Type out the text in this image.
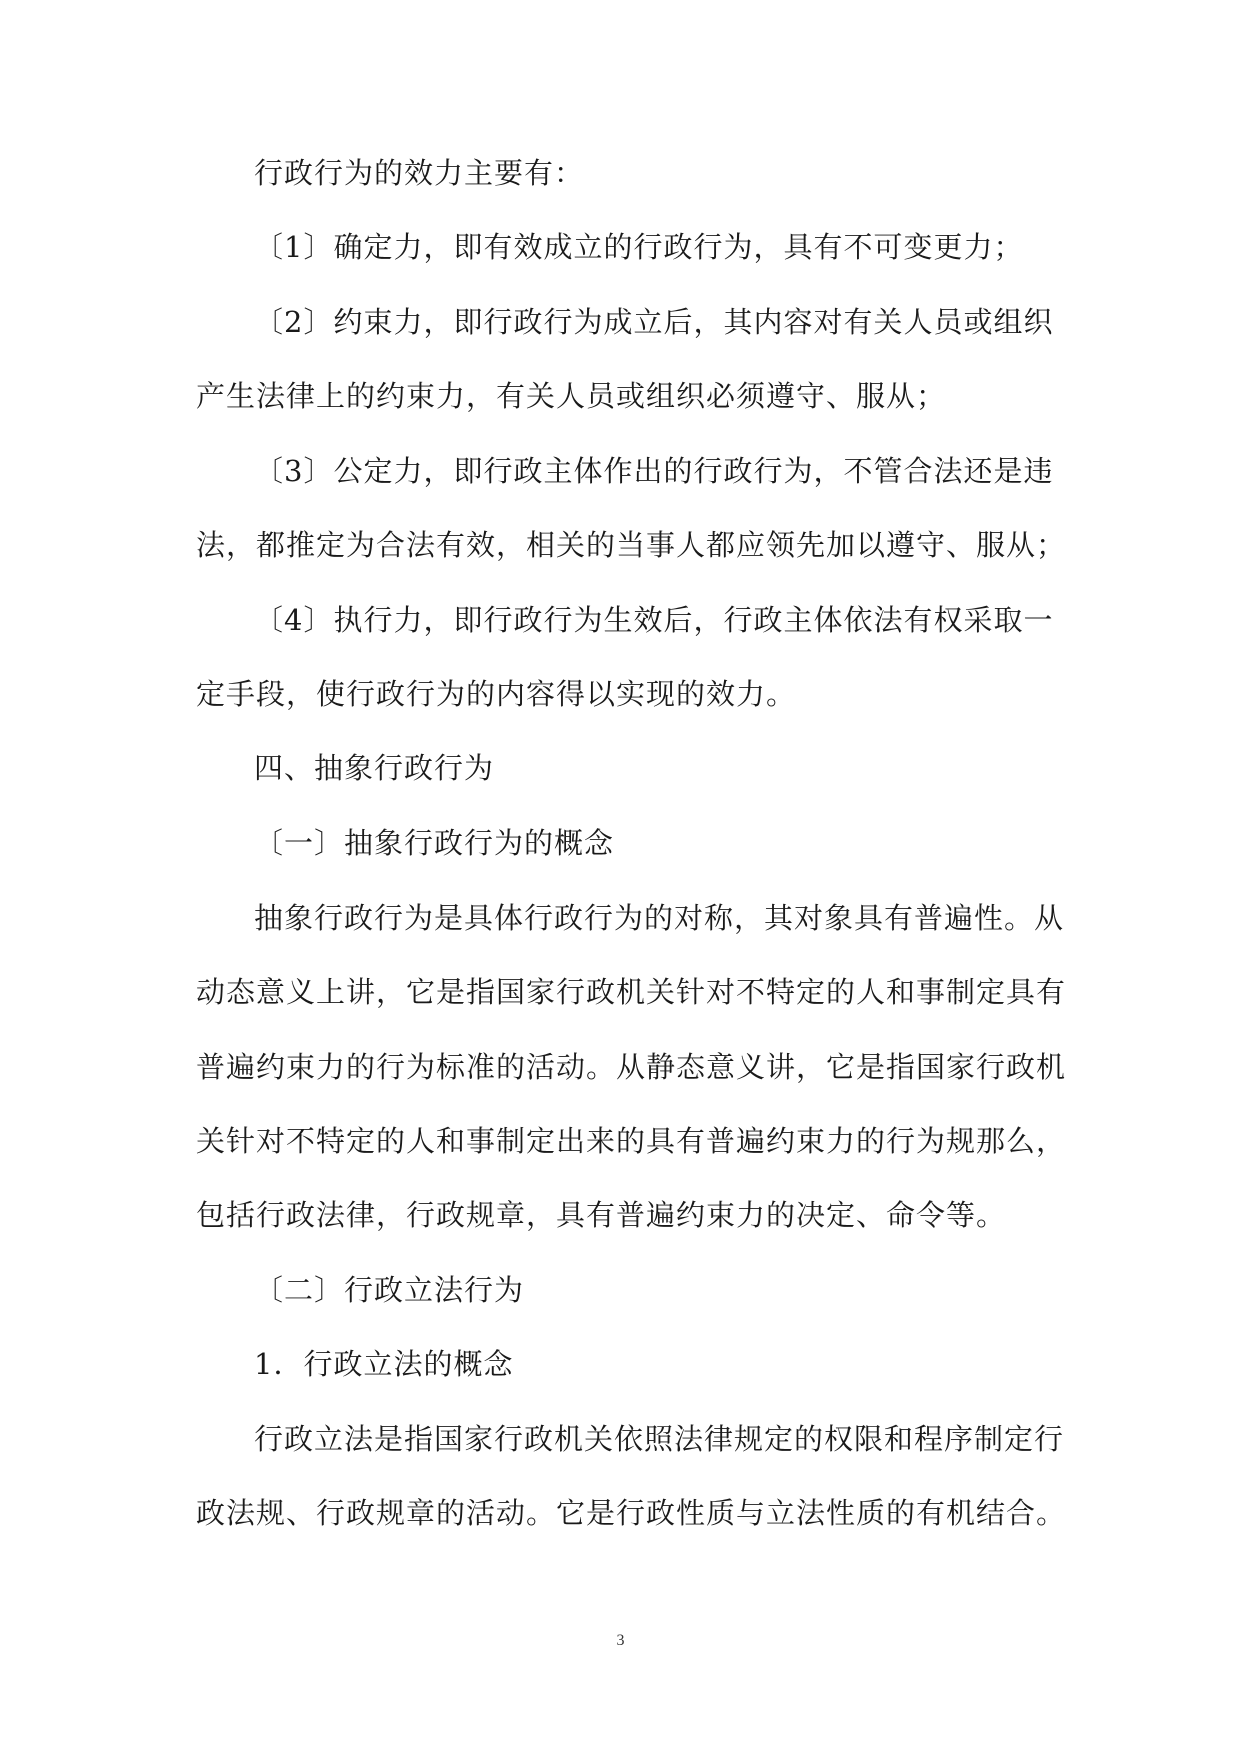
行政行为的效力主要有：
〔1〕确定力，即有效成立的行政行为，具有不可变更力；
〔2〕约束力，即行政行为成立后，其内容对有关人员或组织
产生法律上的约束力，有关人员或组织必须遵守、服从；
〔3〕公定力，即行政主体作出的行政行为，不管合法还是违
法，都推定为合法有效，相关的当事人都应领先加以遵守、服从；
〔4〕执行力，即行政行为生效后，行政主体依法有权采取一
定手段，使行政行为的内容得以实现的效力。
四、抽象行政行为
〔一〕抽象行政行为的概念
抽象行政行为是具体行政行为的对称，其对象具有普遍性。从
动态意义上讲，它是指国家行政机关针对不特定的人和事制定具有
普遍约束力的行为标准的活动。从静态意义讲，它是指国家行政机
关针对不特定的人和事制定出来的具有普遍约束力的行为规那么，
包括行政法律，行政规章，具有普遍约束力的决定、命令等。
〔二〕行政立法行为
1．行政立法的概念
行政立法是指国家行政机关依照法律规定的权限和程序制定行
政法规、行政规章的活动。它是行政性质与立法性质的有机结合。
3
